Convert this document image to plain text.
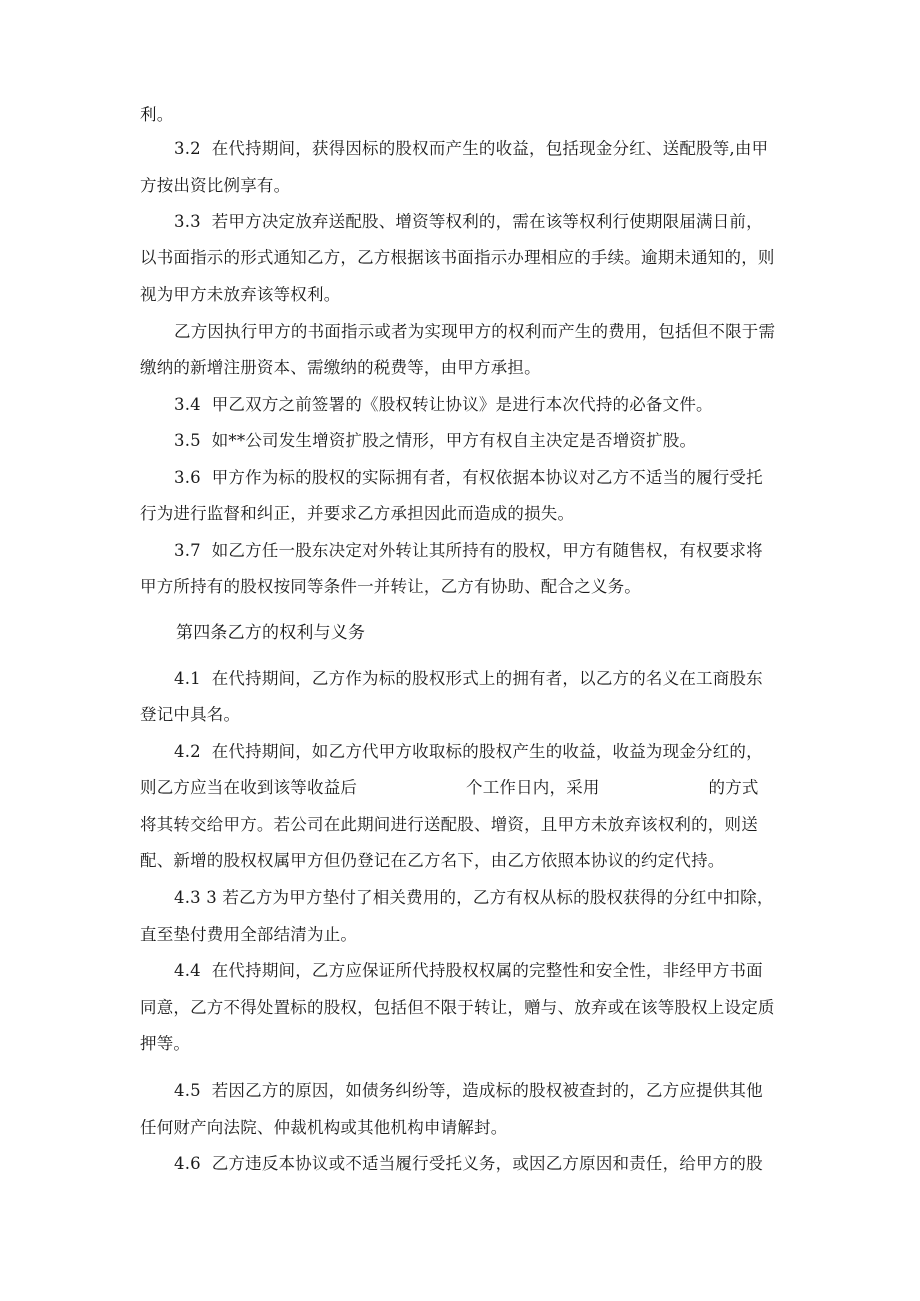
利。
3.2  在代持期间，获得因标的股权而产生的收益，包括现金分红、送配股等,由甲
方按出资比例享有。
3.3  若甲方决定放弃送配股、增资等权利的，需在该等权利行使期限届满日前，
以书面指示的形式通知乙方，乙方根据该书面指示办理相应的手续。逾期未通知的，则
视为甲方未放弃该等权利。
乙方因执行甲方的书面指示或者为实现甲方的权利而产生的费用，包括但不限于需
缴纳的新增注册资本、需缴纳的税费等，由甲方承担。
3.4  甲乙双方之前签署的《股权转让协议》是进行本次代持的必备文件。
3.5  如**公司发生增资扩股之情形，甲方有权自主决定是否增资扩股。
3.6  甲方作为标的股权的实际拥有者，有权依据本协议对乙方不适当的履行受托
行为进行监督和纠正，并要求乙方承担因此而造成的损失。
3.7  如乙方任一股东决定对外转让其所持有的股权，甲方有随售权，有权要求将
甲方所持有的股权按同等条件一并转让，乙方有协助、配合之义务。
第四条乙方的权利与义务
4.1  在代持期间，乙方作为标的股权形式上的拥有者，以乙方的名义在工商股东
登记中具名。
4.2  在代持期间，如乙方代甲方收取标的股权产生的收益，收益为现金分红的，
则乙方应当在收到该等收益后                    个工作日内，采用                    的方式
将其转交给甲方。若公司在此期间进行送配股、增资，且甲方未放弃该权利的，则送
配、新增的股权权属甲方但仍登记在乙方名下，由乙方依照本协议的约定代持。
4.3 3 若乙方为甲方垫付了相关费用的，乙方有权从标的股权获得的分红中扣除，
直至垫付费用全部结清为止。
4.4  在代持期间，乙方应保证所代持股权权属的完整性和安全性，非经甲方书面
同意，乙方不得处置标的股权，包括但不限于转让，赠与、放弃或在该等股权上设定质
押等。
4.5  若因乙方的原因，如债务纠纷等，造成标的股权被查封的，乙方应提供其他
任何财产向法院、仲裁机构或其他机构申请解封。
4.6  乙方违反本协议或不适当履行受托义务，或因乙方原因和责任，给甲方的股
